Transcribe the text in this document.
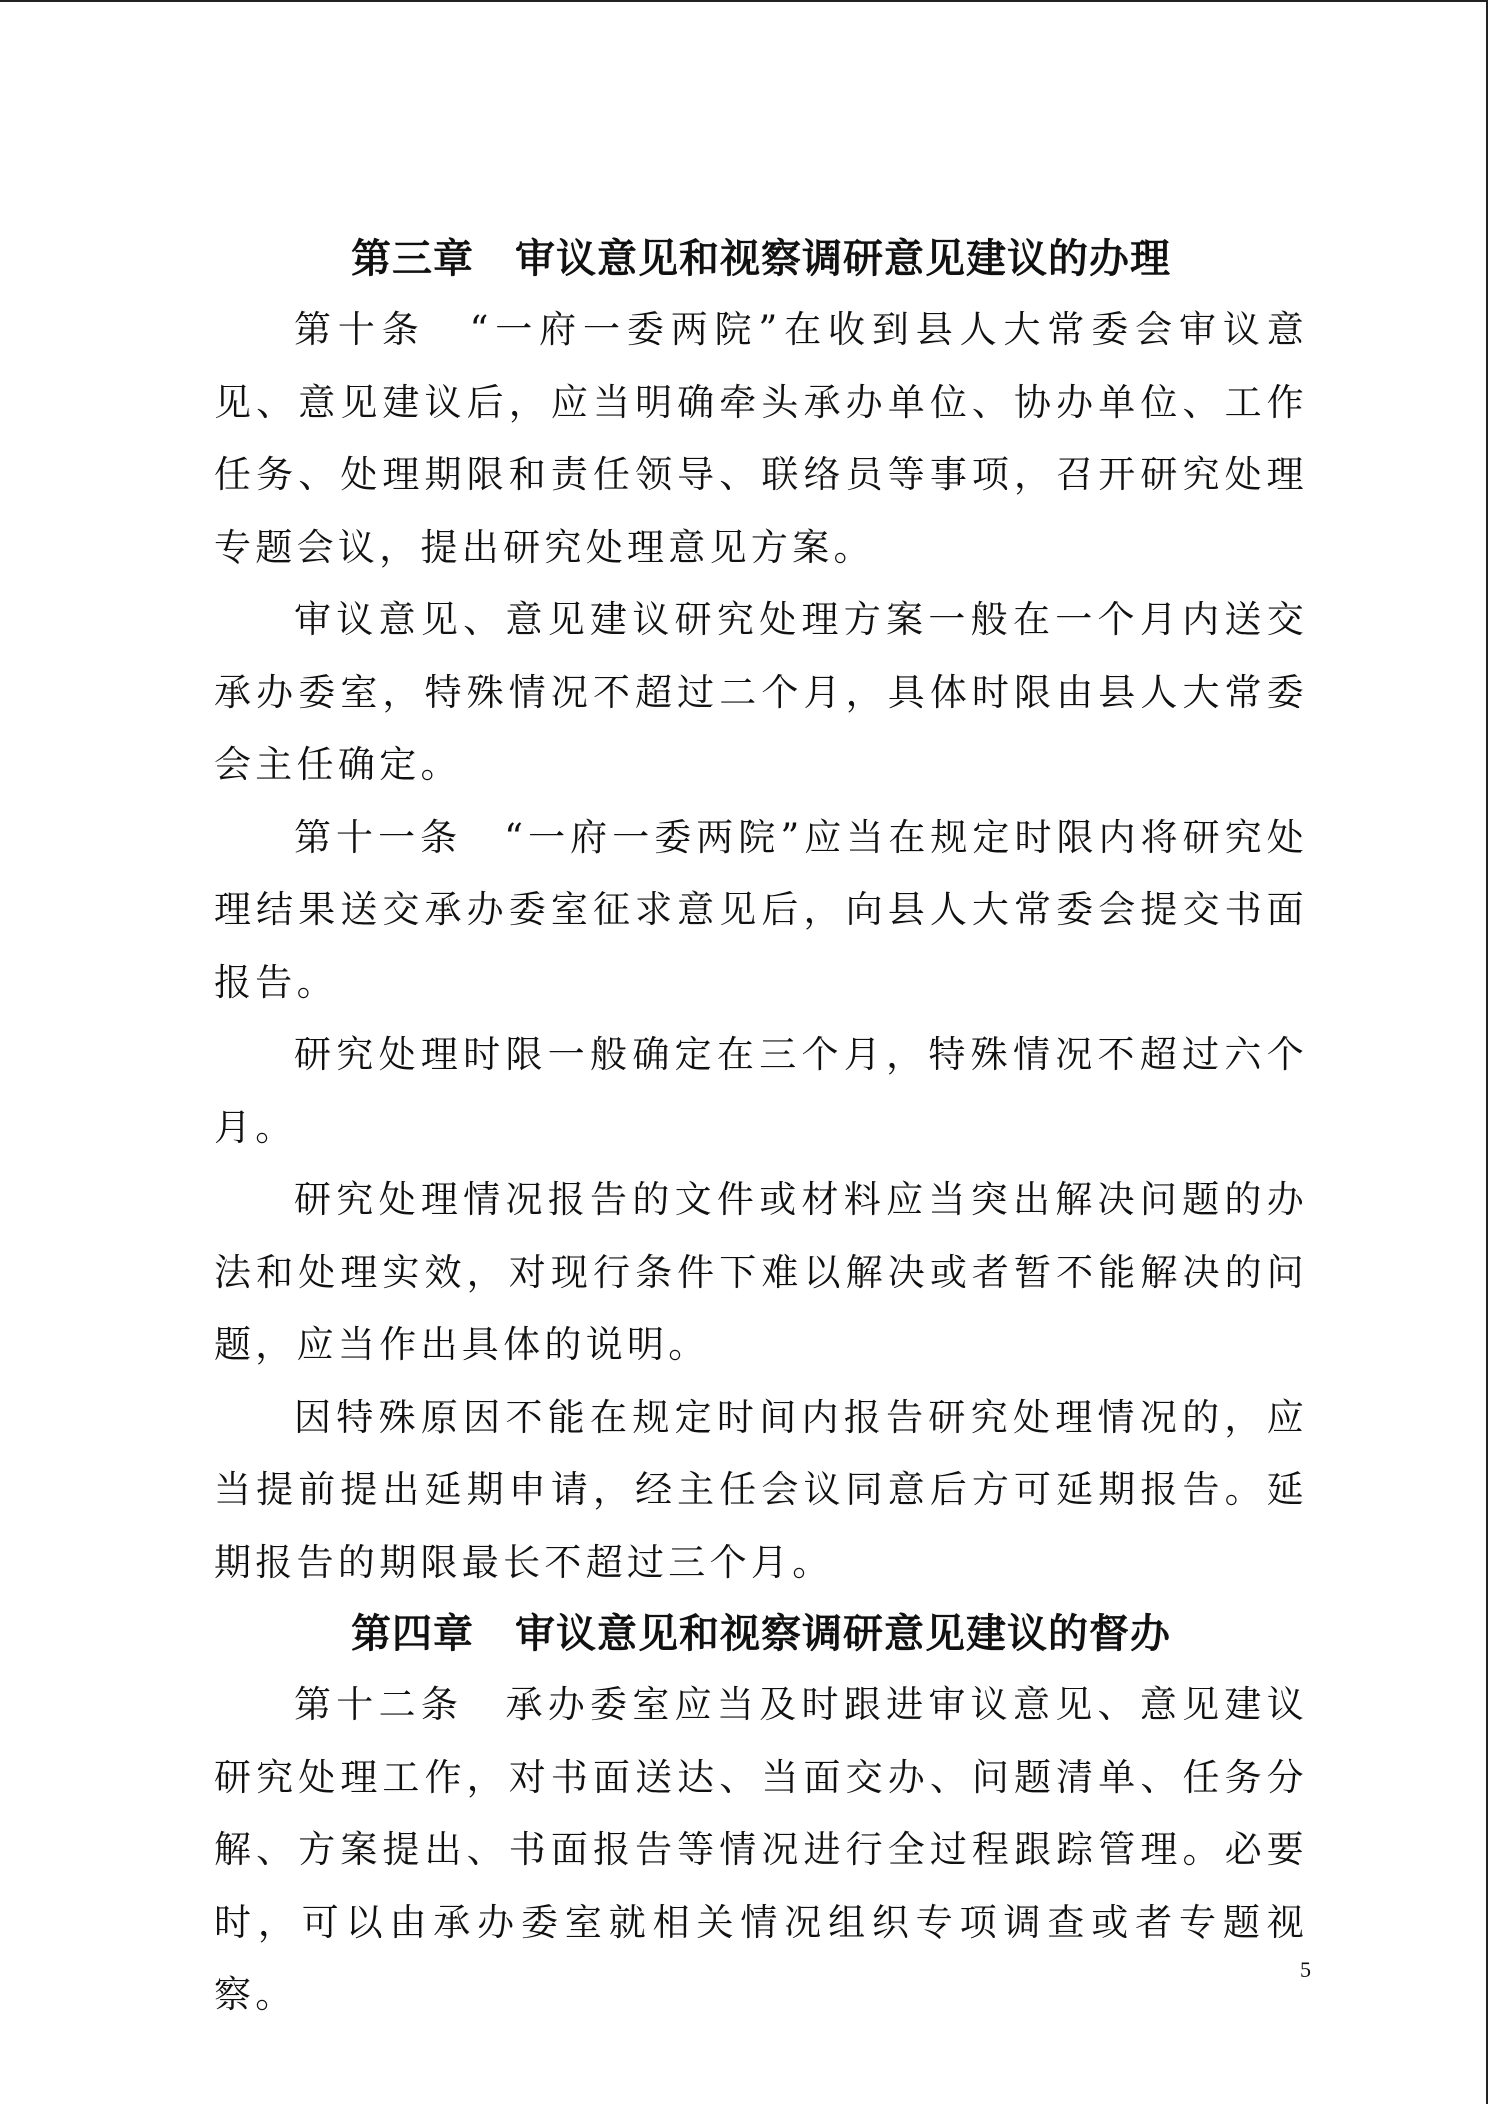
第三章　审议意见和视察调研意见建议的办理

第十条　“一府一委两院”在收到县人大常委会审议意见、意见建议后，应当明确牵头承办单位、协办单位、工作任务、处理期限和责任领导、联络员等事项，召开研究处理专题会议，提出研究处理意见方案。

审议意见、意见建议研究处理方案一般在一个月内送交承办委室，特殊情况不超过二个月，具体时限由县人大常委会主任确定。

第十一条　“一府一委两院”应当在规定时限内将研究处理结果送交承办委室征求意见后，向县人大常委会提交书面报告。

研究处理时限一般确定在三个月，特殊情况不超过六个月。

研究处理情况报告的文件或材料应当突出解决问题的办法和处理实效，对现行条件下难以解决或者暂不能解决的问题，应当作出具体的说明。

因特殊原因不能在规定时间内报告研究处理情况的，应当提前提出延期申请，经主任会议同意后方可延期报告。延期报告的期限最长不超过三个月。

第四章　审议意见和视察调研意见建议的督办

第十二条　承办委室应当及时跟进审议意见、意见建议研究处理工作，对书面送达、当面交办、问题清单、任务分解、方案提出、书面报告等情况进行全过程跟踪管理。必要时，可以由承办委室就相关情况组织专项调查或者专题视察。

5
